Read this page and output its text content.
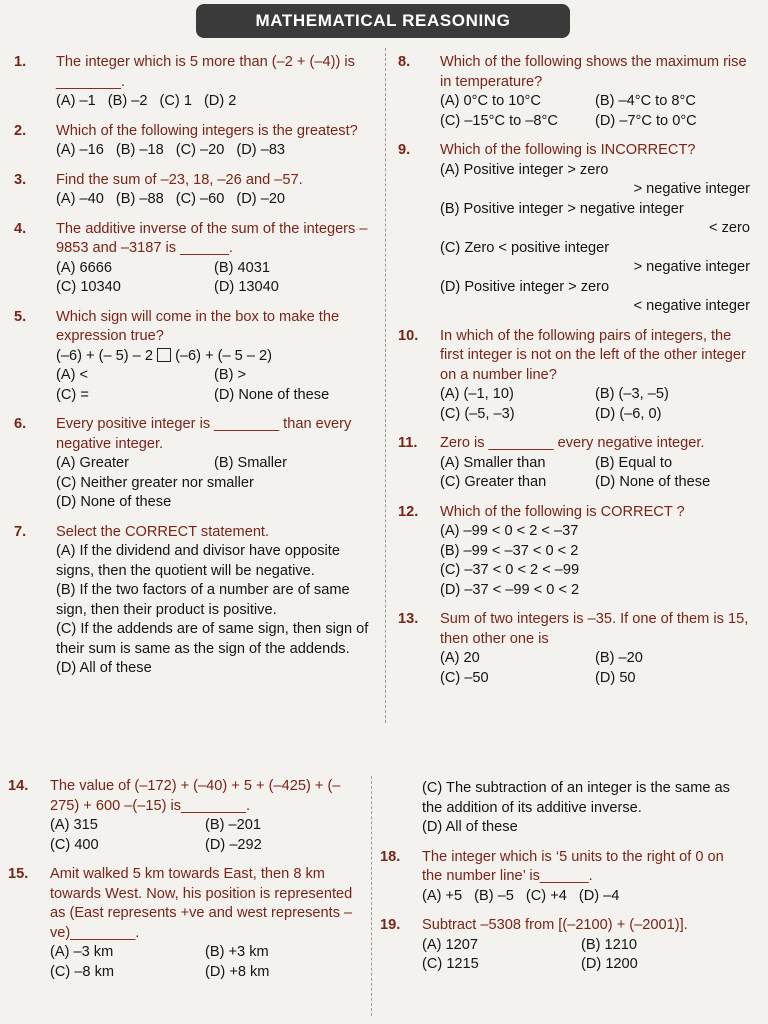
MATHEMATICAL REASONING
1.	The integer which is 5 more than (–2 + (–4)) is ________.
(A) –1 (B) –2 (C) 1 (D) 2
2.	Which of the following integers is the greatest?
(A) –16 (B) –18 (C) –20 (D) –83
3.	Find the sum of –23, 18, –26 and –57.
(A) –40 (B) –88 (C) –60 (D) –20
4.	The additive inverse of the sum of the integers –9853 and –3187 is ______.
(A) 6666	(B) 4031
(C) 10340	(D) 13040
5.	Which sign will come in the box to make the expression true?
(–6) + (– 5) – 2 (–6) + (– 5 – 2)
(A) <	(B) >
(C) =	(D) None of these
6.	Every positive integer is ________ than every negative integer.
(A) Greater	(B) Smaller
(C) Neither greater nor smaller
(D) None of these
7.	Select the CORRECT statement.
(A) If the dividend and divisor have opposite signs, then the quotient will be negative.
(B) If the two factors of a number are of same sign, then their product is positive.
(C) If the addends are of same sign, then sign of their sum is same as the sign of the addends.
(D) All of these
8.	Which of the following shows the maximum rise in temperature?
(A) 0°C to 10°C	(B) –4°C to 8°C
(C) –15°C to –8°C	(D) –7°C to 0°C
9.	Which of the following is INCORRECT?
(A) Positive integer > zero
> negative integer
(B) Positive integer > negative integer
< zero
(C) Zero < positive integer
> negative integer
(D) Positive integer > zero
< negative integer
10.	In which of the following pairs of integers, the first integer is not on the left of the other integer on a number line?
(A) (–1, 10)	(B) (–3, –5)
(C) (–5, –3)	(D) (–6, 0)
11.	Zero is ________ every negative integer.
(A) Smaller than	(B) Equal to
(C) Greater than	(D) None of these
12.	Which of the following is CORRECT ?
(A) –99 < 0 < 2 < –37
(B) –99 < –37 < 0 < 2
(C) –37 < 0 < 2 < –99
(D) –37 < –99 < 0 < 2
13.	Sum of two integers is –35. If one of them is 15, then other one is
(A) 20	(B) –20
(C) –50	(D) 50
14.	The value of (–172) + (–40) + 5 + (–425) + (–275) + 600 –(–15) is________.
(A) 315	(B) –201
(C) 400	(D) –292
15.	Amit walked 5 km towards East, then 8 km towards West. Now, his position is represented as (East represents +ve and west represents –ve)________.
(A) –3 km	(B) +3 km
(C) –8 km	(D) +8 km
(C) The subtraction of an integer is the same as the addition of its additive inverse.
(D) All of these
18.	The integer which is ‘5 units to the right of 0 on the number line’ is______.
(A) +5 (B) –5 (C) +4 (D) –4
19.	Subtract –5308 from [(–2100) + (–2001)].
(A) 1207	(B) 1210
(C) 1215	(D) 1200
